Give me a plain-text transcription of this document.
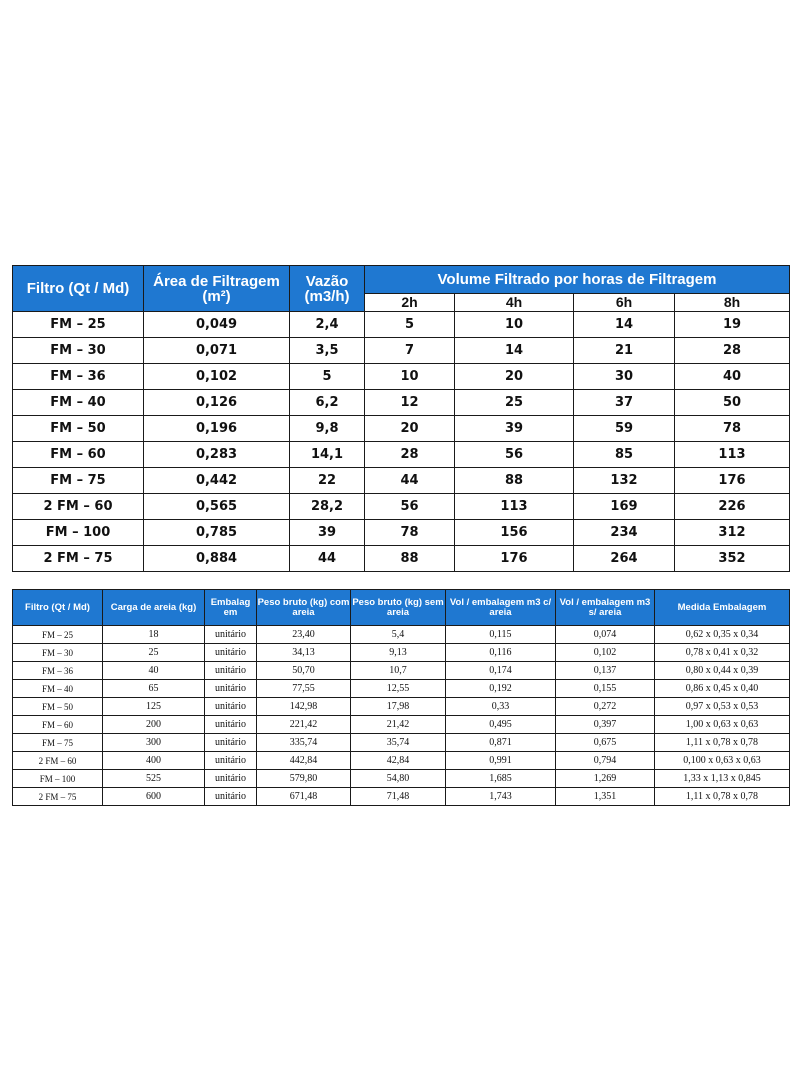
Filtro (Qt / Md)	Área de Filtragem (m²)	Vazão (m3/h)	Volume Filtrado por horas de Filtragem			
			2h	4h	6h	8h
FM – 25	0,049	2,4	5	10	14	19
FM – 30	0,071	3,5	7	14	21	28
FM – 36	0,102	5	10	20	30	40
FM – 40	0,126	6,2	12	25	37	50
FM – 50	0,196	9,8	20	39	59	78
FM – 60	0,283	14,1	28	56	85	113
FM – 75	0,442	22	44	88	132	176
2 FM – 60	0,565	28,2	56	113	169	226
FM – 100	0,785	39	78	156	234	312
2 FM – 75	0,884	44	88	176	264	352
Filtro (Qt / Md)	Carga de areia (kg)	Embalag em	Peso bruto (kg) com areia	Peso bruto (kg) sem areia	Vol / embalagem m3 c/ areia	Vol / embalagem m3 s/ areia	Medida Embalagem
FM – 25	18	unitário	23,40	5,4	0,115	0,074	0,62 x 0,35 x 0,34
FM – 30	25	unitário	34,13	9,13	0,116	0,102	0,78 x 0,41 x 0,32
FM – 36	40	unitário	50,70	10,7	0,174	0,137	0,80 x 0,44 x 0,39
FM – 40	65	unitário	77,55	12,55	0,192	0,155	0,86 x 0,45 x 0,40
FM – 50	125	unitário	142,98	17,98	0,33	0,272	0,97 x 0,53 x 0,53
FM – 60	200	unitário	221,42	21,42	0,495	0,397	1,00 x 0,63 x 0,63
FM – 75	300	unitário	335,74	35,74	0,871	0,675	1,11 x 0,78 x 0,78
2 FM – 60	400	unitário	442,84	42,84	0,991	0,794	0,100 x 0,63 x 0,63
FM – 100	525	unitário	579,80	54,80	1,685	1,269	1,33 x 1,13 x 0,845
2 FM – 75	600	unitário	671,48	71,48	1,743	1,351	1,11 x 0,78 x 0,78
